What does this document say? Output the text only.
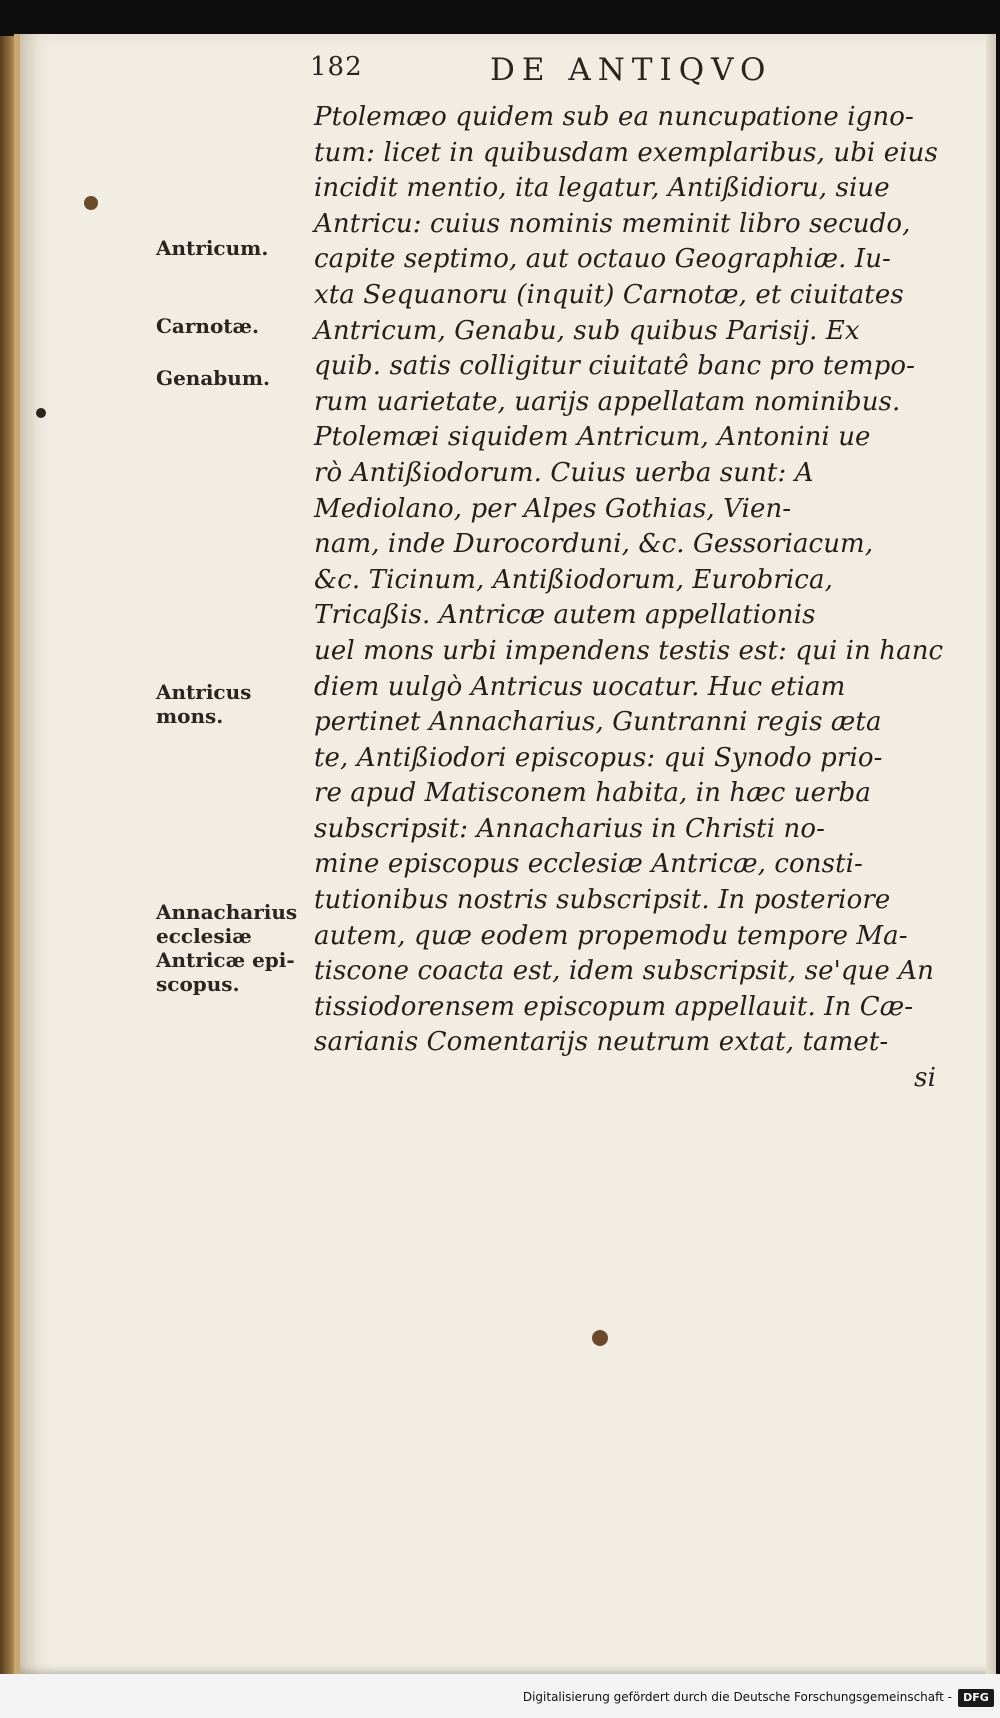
182	DE ANTIQVO
Antricum.
Carnotæ.
Genabum.
Antricus
mons.
Annacharius
ecclesiæ
Antricæ epi-
scopus.
Ptolemæo quidem sub ea nuncupatione igno-
tum: licet in quibusdam exemplaribus, ubi eius
incidit mentio, ita legatur, Antißidioru, siue
Antricu: cuius nominis meminit libro secudo,
capite septimo, aut octauo Geographiæ. Iu-
xta Sequanoru (inquit) Carnotæ, et ciuitates
Antricum, Genabu, sub quibus Parisij. Ex
quib. satis colligitur ciuitatê banc pro tempo-
rum uarietate, uarijs appellatam nominibus.
Ptolemæi siquidem Antricum, Antonini ue
rò Antißiodorum. Cuius uerba sunt: A
Mediolano, per Alpes Gothias, Vien-
nam, inde Durocorduni, &c. Gessoriacum,
&c. Ticinum, Antißiodorum, Eurobrica,
Tricaßis. Antricæ autem appellationis
uel mons urbi impendens testis est: qui in hanc
diem uulgò Antricus uocatur. Huc etiam
pertinet Annacharius, Guntranni regis æta
te, Antißiodori episcopus: qui Synodo prio-
re apud Matisconem habita, in hæc uerba
subscripsit: Annacharius in Christi no-
mine episcopus ecclesiæ Antricæ, consti-
tutionibus nostris subscripsit. In posteriore
autem, quæ eodem propemodu tempore Ma-
tiscone coacta est, idem subscripsit, se'que An
tissiodorensem episcopum appellauit. In Cæ-
sarianis Comentarijs neutrum extat, tamet-
si
Digitalisierung gefördert durch die Deutsche Forschungsgemeinschaft -	DFG
